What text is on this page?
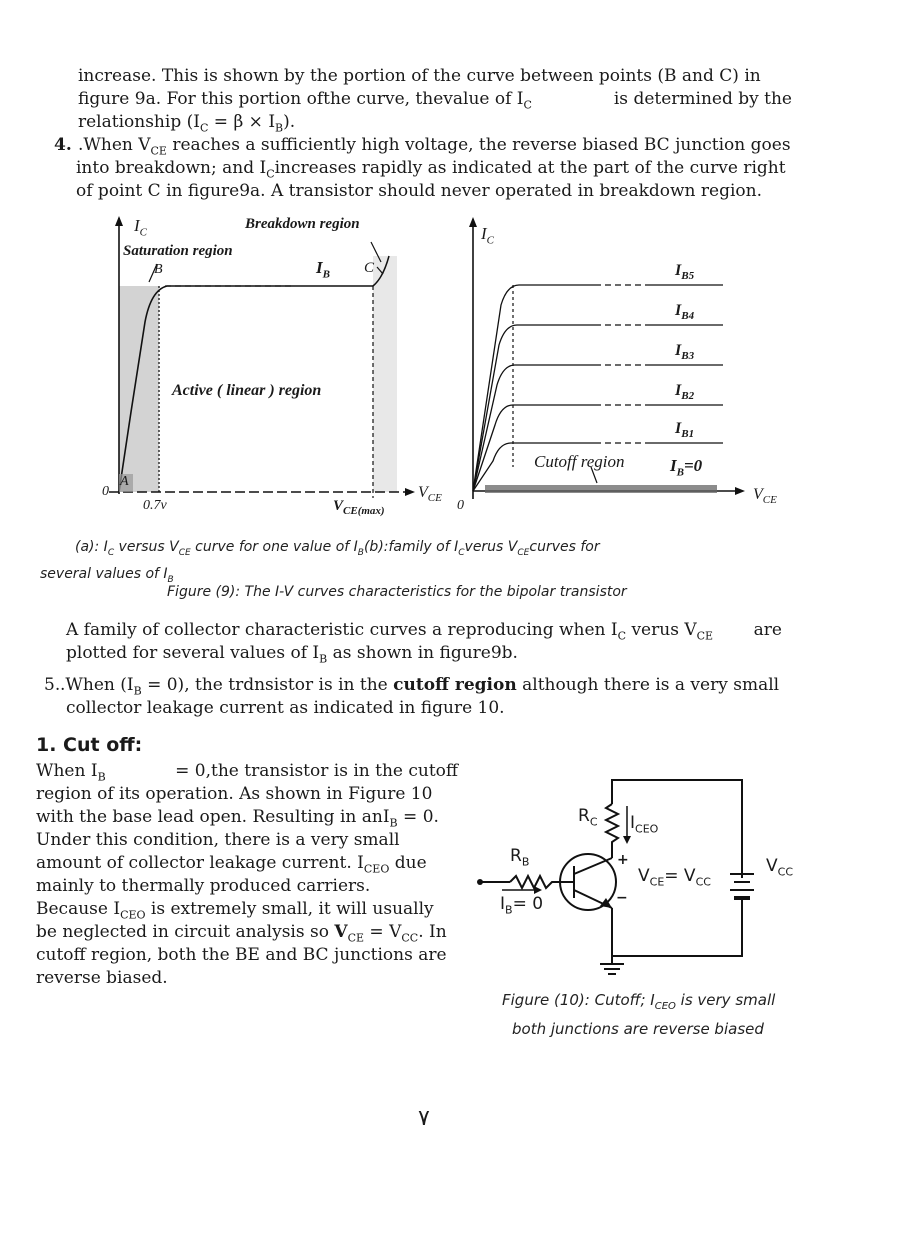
increase. This is shown by the portion of the curve between points (B and C) in
figure 9a. For this portion ofthe curve, thevalue of $I_C$	is determined by the
relationship $(I_C = \beta \times I_B)$.
4. .When $V_{CE}$ reaches a sufficiently high voltage, the reverse biased BC junction goes
into breakdown; and $I_Cincreases$ rapidly as indicated at the part of the curve right
of point C in figure9a. A transistor should never operated in breakdown region.
$I_C$
Breakdown region
Saturation region
B	$I_B$ C
Active ( linear ) region
0
A
0.7v	$V_{CE(max)}$
$V_{CE}$
$I_C$
$I_{B5}$
$I_{B4}$
$I_{B3}$
$I_{B2}$
$I_{B1}$
Cutoff region	$I_B=0$
0
$V_{CE}$
(a): $I_C$ versus $V_{CE}$ curve for one value of $I_B(b):family$ of $I_Cverus$ $V_{CE}curves$ for
several values of $I_B$
Figure (9): The I-V curves characteristics for the bipolar transistor
A family of collector characteristic curves a reproducing when $I_C$ verus $V_{CE}$ are
plotted for several values of $I_B$ as shown in figure9b.
5. .When $(I_B = 0)$, the trdnsistor is in the cutoff region although there is a very small
collector leakage current as indicated in figure 10.
1. Cut off:
When $I_B$	= 0,the transistor is in the cutoff
region of its operation. As shown in Figure 10
with the base lead open. Resulting in anI$_B$ = 0.
Under this condition, there is a very small
amount of collector leakage current. $I_{CEO}$ due
mainly to thermally produced carriers.
Because $I_{CEO}$ is extremely small, it will usually
be neglected in circuit analysis so $V_{CE} = V_{CC}$. In
cutoff region, both the BE and BC junctions are
reverse biased.
$R_C$ $I_{CEO}$
$R_B$
$I_B= 0$
$V_{CE}= V_{CC}$
$V_{CC}$
+
−
Figure (10): Cutoff; $I_{CEO}$ is very small
both junctions are reverse biased
٧
